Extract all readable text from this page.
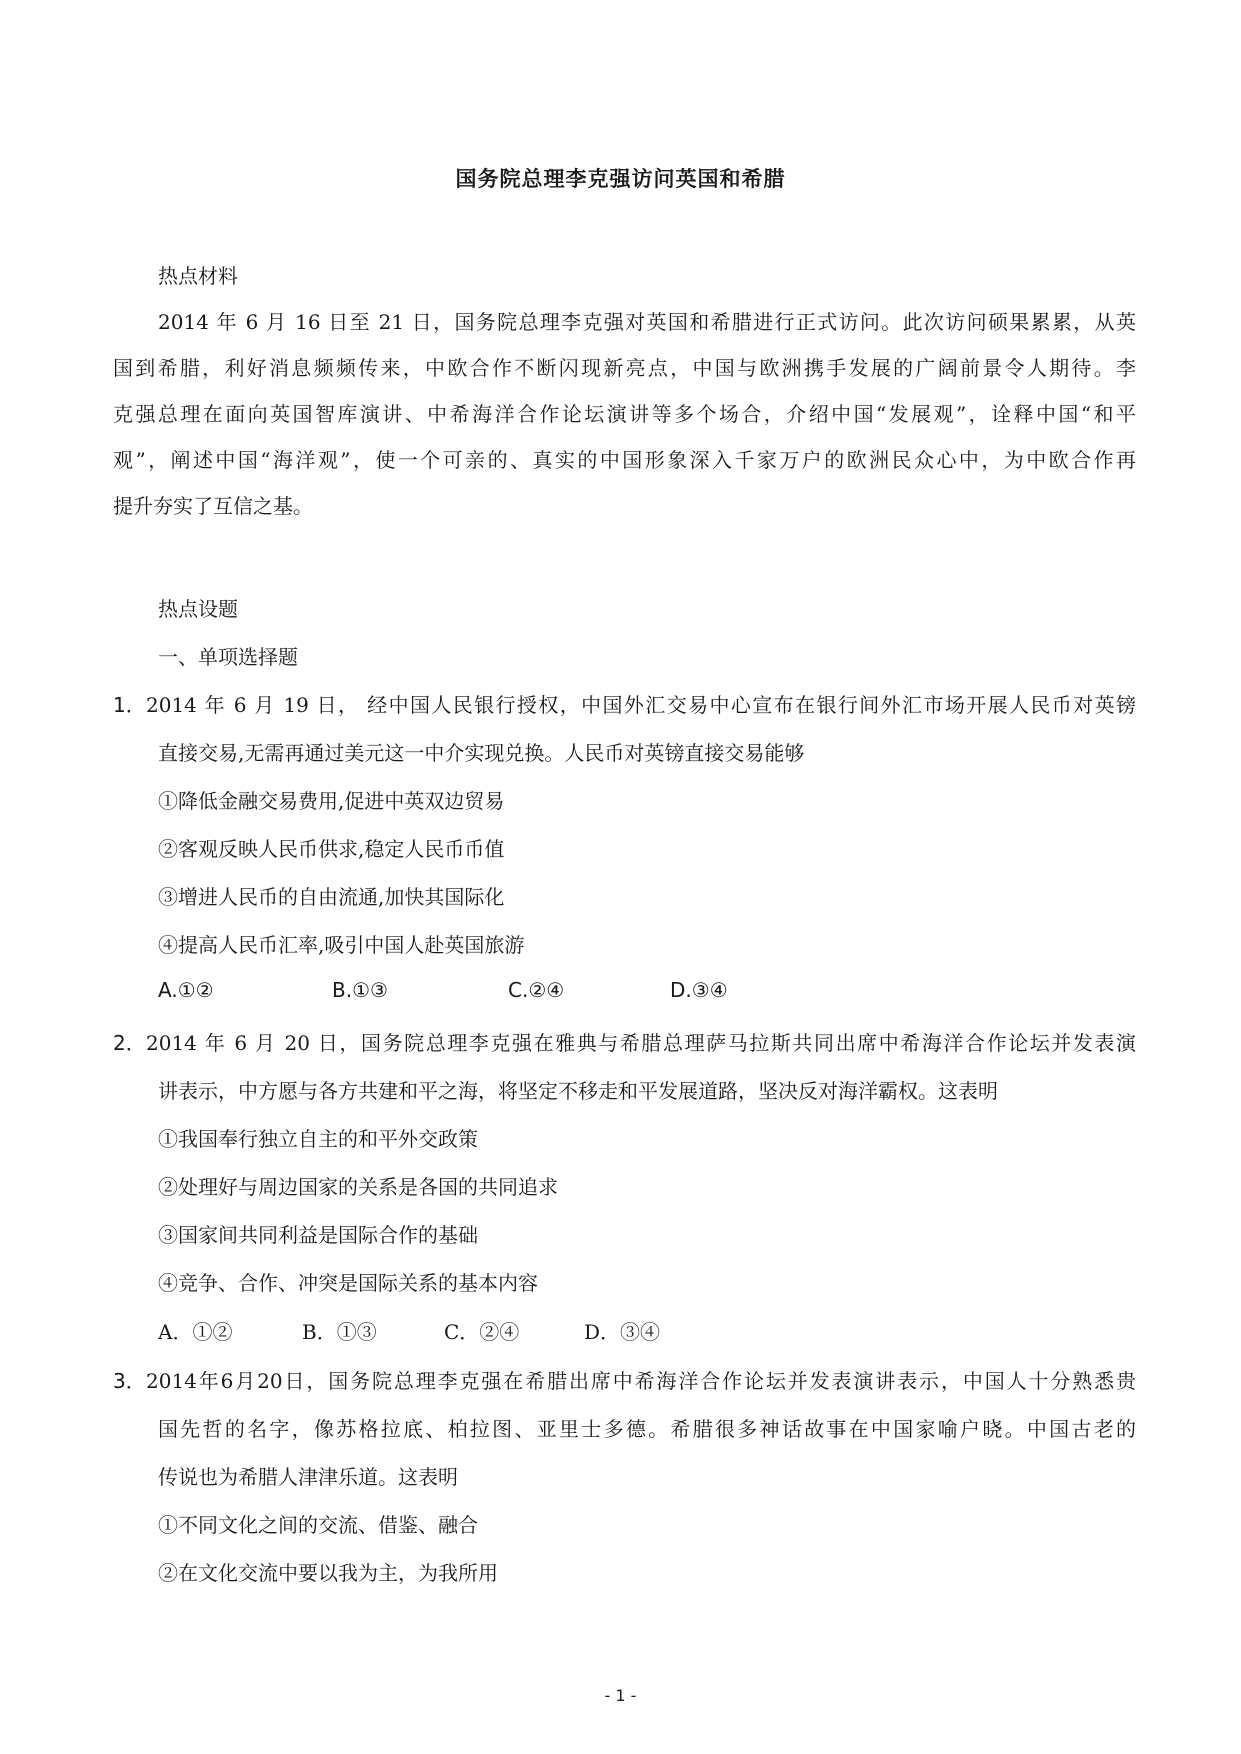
国务院总理李克强访问英国和希腊
热点材料
2014 年 6 月 16 日至 21 日，国务院总理李克强对英国和希腊进行正式访问。此次访问硕果累累，从英
国到希腊，利好消息频频传来，中欧合作不断闪现新亮点，中国与欧洲携手发展的广阔前景令人期待。李
克强总理在面向英国智库演讲、中希海洋合作论坛演讲等多个场合，介绍中国“发展观”，诠释中国“和平
观”，阐述中国“海洋观”，使一个可亲的、真实的中国形象深入千家万户的欧洲民众心中，为中欧合作再
提升夯实了互信之基。
热点设题
一、单项选择题
1． 2014 年 6 月 19 日， 经中国人民银行授权，中国外汇交易中心宣布在银行间外汇市场开展人民币对英镑
直接交易,无需再通过美元这一中介实现兑换。人民币对英镑直接交易能够
①降低金融交易费用,促进中英双边贸易
②客观反映人民币供求,稳定人民币币值
③增进人民币的自由流通,加快其国际化
④提高人民币汇率,吸引中国人赴英国旅游
A.①②	B.①③	C.②④	D.③④
2． 2014 年 6 月 20 日，国务院总理李克强在雅典与希腊总理萨马拉斯共同出席中希海洋合作论坛并发表演
讲表示，中方愿与各方共建和平之海，将坚定不移走和平发展道路，坚决反对海洋霸权。这表明
①我国奉行独立自主的和平外交政策
②处理好与周边国家的关系是各国的共同追求
③国家间共同利益是国际合作的基础
④竞争、合作、冲突是国际关系的基本内容
A．①②	B．①③	C．②④	D．③④
3． 2014年6月20日，国务院总理李克强在希腊出席中希海洋合作论坛并发表演讲表示，中国人十分熟悉贵
国先哲的名字，像苏格拉底、柏拉图、亚里士多德。希腊很多神话故事在中国家喻户晓。中国古老的
传说也为希腊人津津乐道。这表明
①不同文化之间的交流、借鉴、融合
②在文化交流中要以我为主，为我所用
- 1 -
